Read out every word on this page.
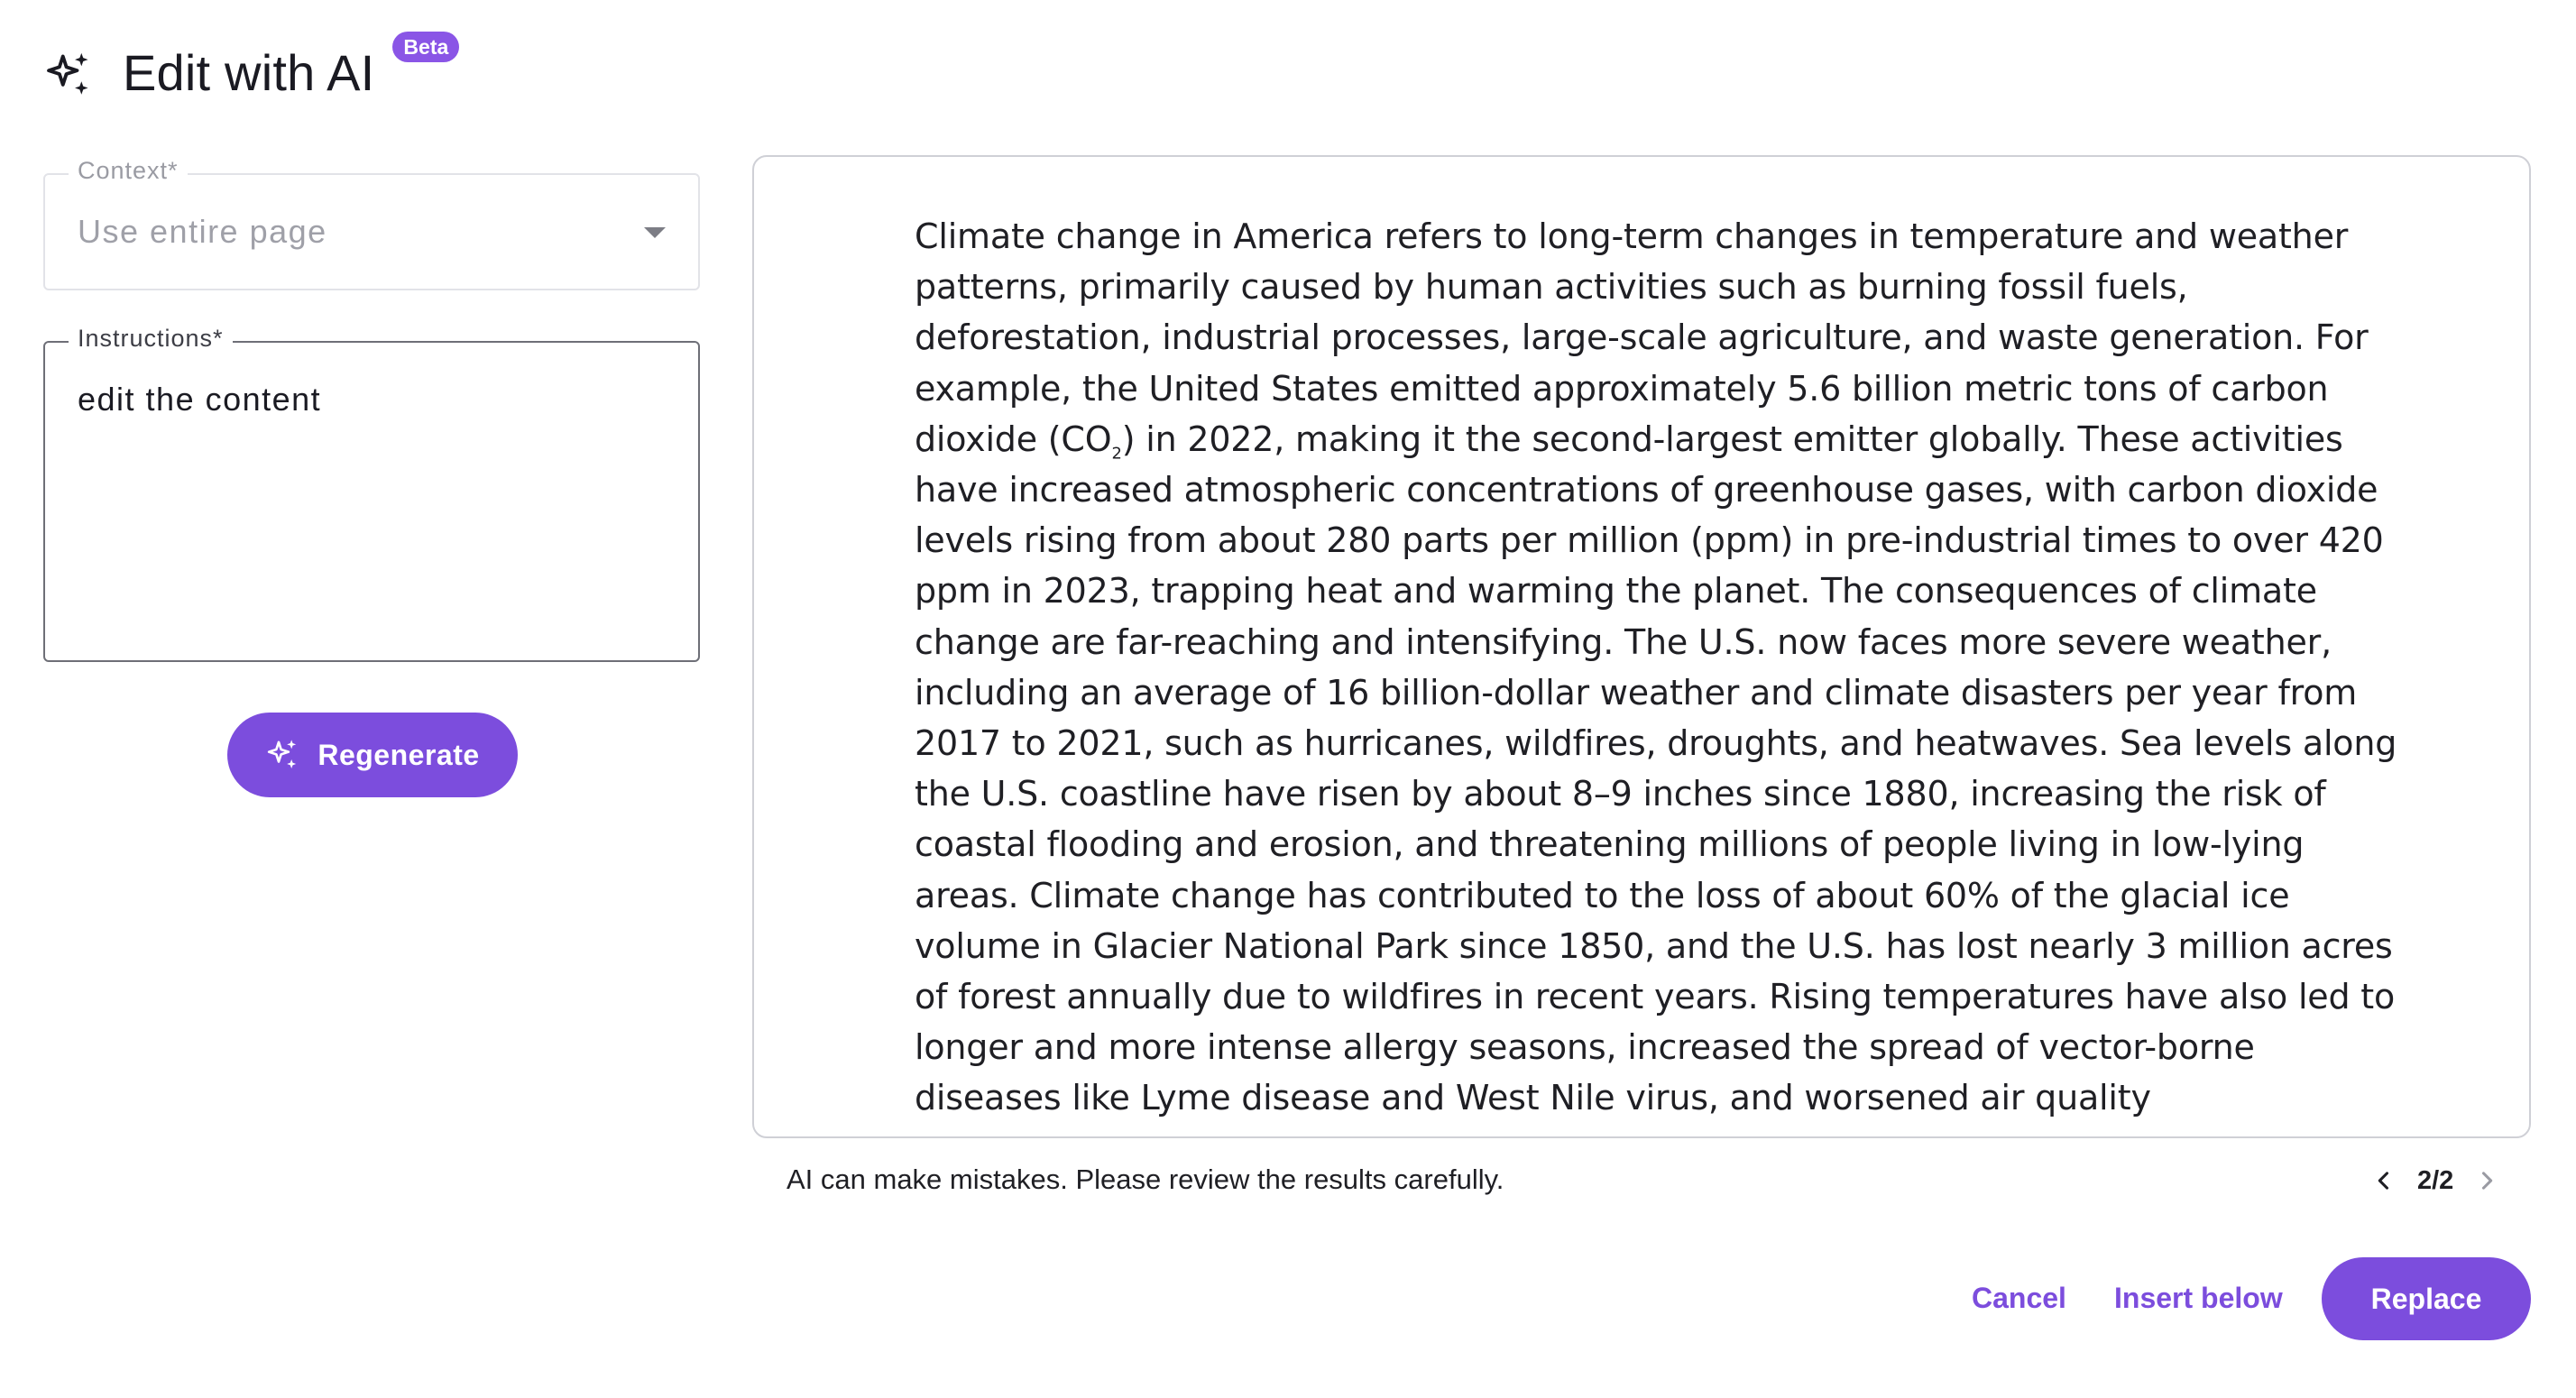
Edit with AI	Beta
Context*
Use entire page
Instructions*
edit the content
Regenerate
Climate change in America refers to long-term changes in temperature and weather patterns, primarily caused by human activities such as burning fossil fuels, deforestation, industrial processes, large-scale agriculture, and waste generation. For example, the United States emitted approximately 5.6 billion metric tons of carbon dioxide $(CO_2)$ in 2022, making it the second-largest emitter globally. These activities have increased atmospheric concentrations of greenhouse gases, with carbon dioxide levels rising from about 280 parts per million (ppm) in pre-industrial times to over 420 ppm in 2023, trapping heat and warming the planet. The consequences of climate change are far-reaching and intensifying. The U.S. now faces more severe weather, including an average of 16 billion-dollar weather and climate disasters per year from 2017 to 2021, such as hurricanes, wildfires, droughts, and heatwaves. Sea levels along the U.S. coastline have risen by about 8–9 inches since 1880, increasing the risk of coastal flooding and erosion, and threatening millions of people living in low-lying areas. Climate change has contributed to the loss of about 60% of the glacial ice volume in Glacier National Park since 1850, and the U.S. has lost nearly 3 million acres of forest annually due to wildfires in recent years. Rising temperatures have also led to longer and more intense allergy seasons, increased the spread of vector-borne diseases like Lyme disease and West Nile virus, and worsened air quality
AI can make mistakes. Please review the results carefully.	2/2
Cancel Insert below	Replace
